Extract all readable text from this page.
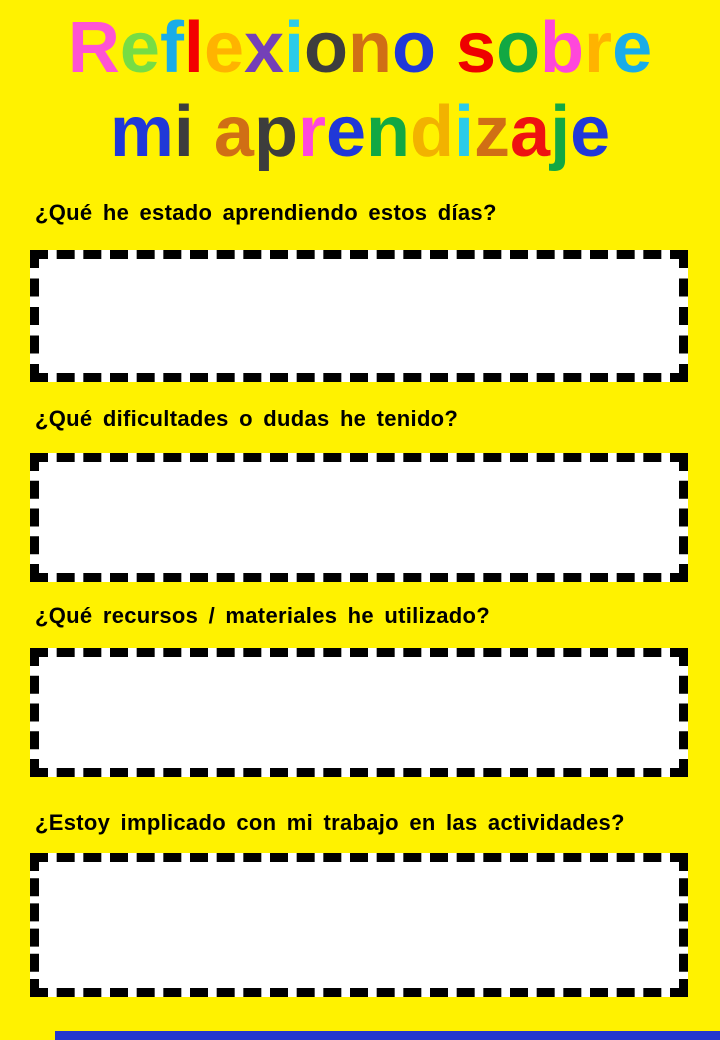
Reflexiono sobre
mi aprendizaje
¿Qué he estado aprendiendo estos días?
¿Qué dificultades o dudas he tenido?
¿Qué recursos / materiales he utilizado?
¿Estoy implicado con mi trabajo en las actividades?
